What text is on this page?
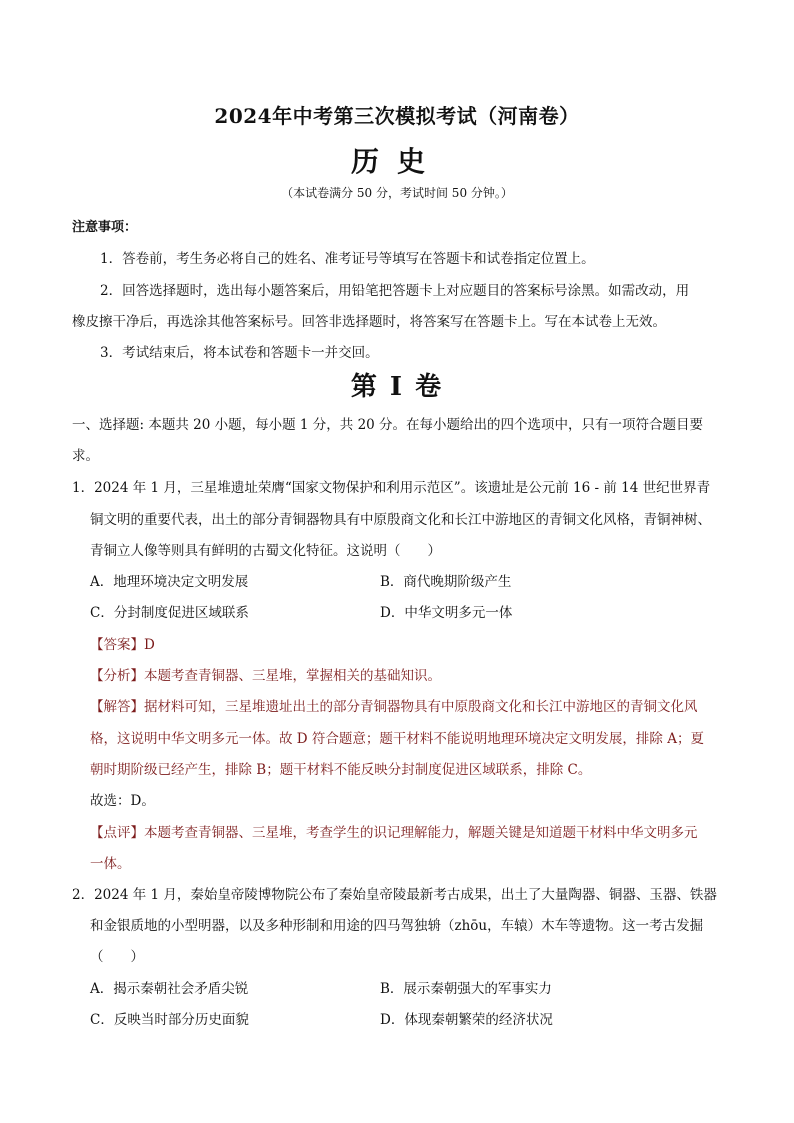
2024年中考第三次模拟考试（河南卷）
历史
（本试卷满分 50 分，考试时间 50 分钟。）
注意事项：
1．答卷前，考生务必将自己的姓名、准考证号等填写在答题卡和试卷指定位置上。
2．回答选择题时，选出每小题答案后，用铅笔把答题卡上对应题目的答案标号涂黑。如需改动，用
橡皮擦干净后，再选涂其他答案标号。回答非选择题时，将答案写在答题卡上。写在本试卷上无效。
3．考试结束后，将本试卷和答题卡一并交回。
第 I 卷
一、选择题: 本题共 20 小题，每小题 1 分，共 20 分。在每小题给出的四个选项中，只有一项符合题目要
求。
1．2024 年 1 月，三星堆遗址荣膺“国家文物保护和利用示范区”。该遗址是公元前 16 - 前 14 世纪世界青
铜文明的重要代表，出土的部分青铜器物具有中原殷商文化和长江中游地区的青铜文化风格，青铜神树、
青铜立人像等则具有鲜明的古蜀文化特征。这说明（　　）
A．地理环境决定文明发展	B．商代晚期阶级产生
C．分封制度促进区域联系	D．中华文明多元一体
【答案】D
【分析】本题考查青铜器、三星堆，掌握相关的基础知识。
【解答】据材料可知，三星堆遗址出土的部分青铜器物具有中原殷商文化和长江中游地区的青铜文化风
格，这说明中华文明多元一体。故 D 符合题意；题干材料不能说明地理环境决定文明发展，排除 A；夏
朝时期阶级已经产生，排除 B；题干材料不能反映分封制度促进区域联系，排除 C。
故选：D。
【点评】本题考查青铜器、三星堆，考查学生的识记理解能力，解题关键是知道题干材料中华文明多元
一体。
2．2024 年 1 月，秦始皇帝陵博物院公布了秦始皇帝陵最新考古成果，出土了大量陶器、铜器、玉器、铁器
和金银质地的小型明器，以及多种形制和用途的四马驾独辀（zhōu，车辕）木车等遗物。这一考古发掘
（　　）
A．揭示秦朝社会矛盾尖锐	B．展示秦朝强大的军事实力
C．反映当时部分历史面貌	D．体现秦朝繁荣的经济状况
